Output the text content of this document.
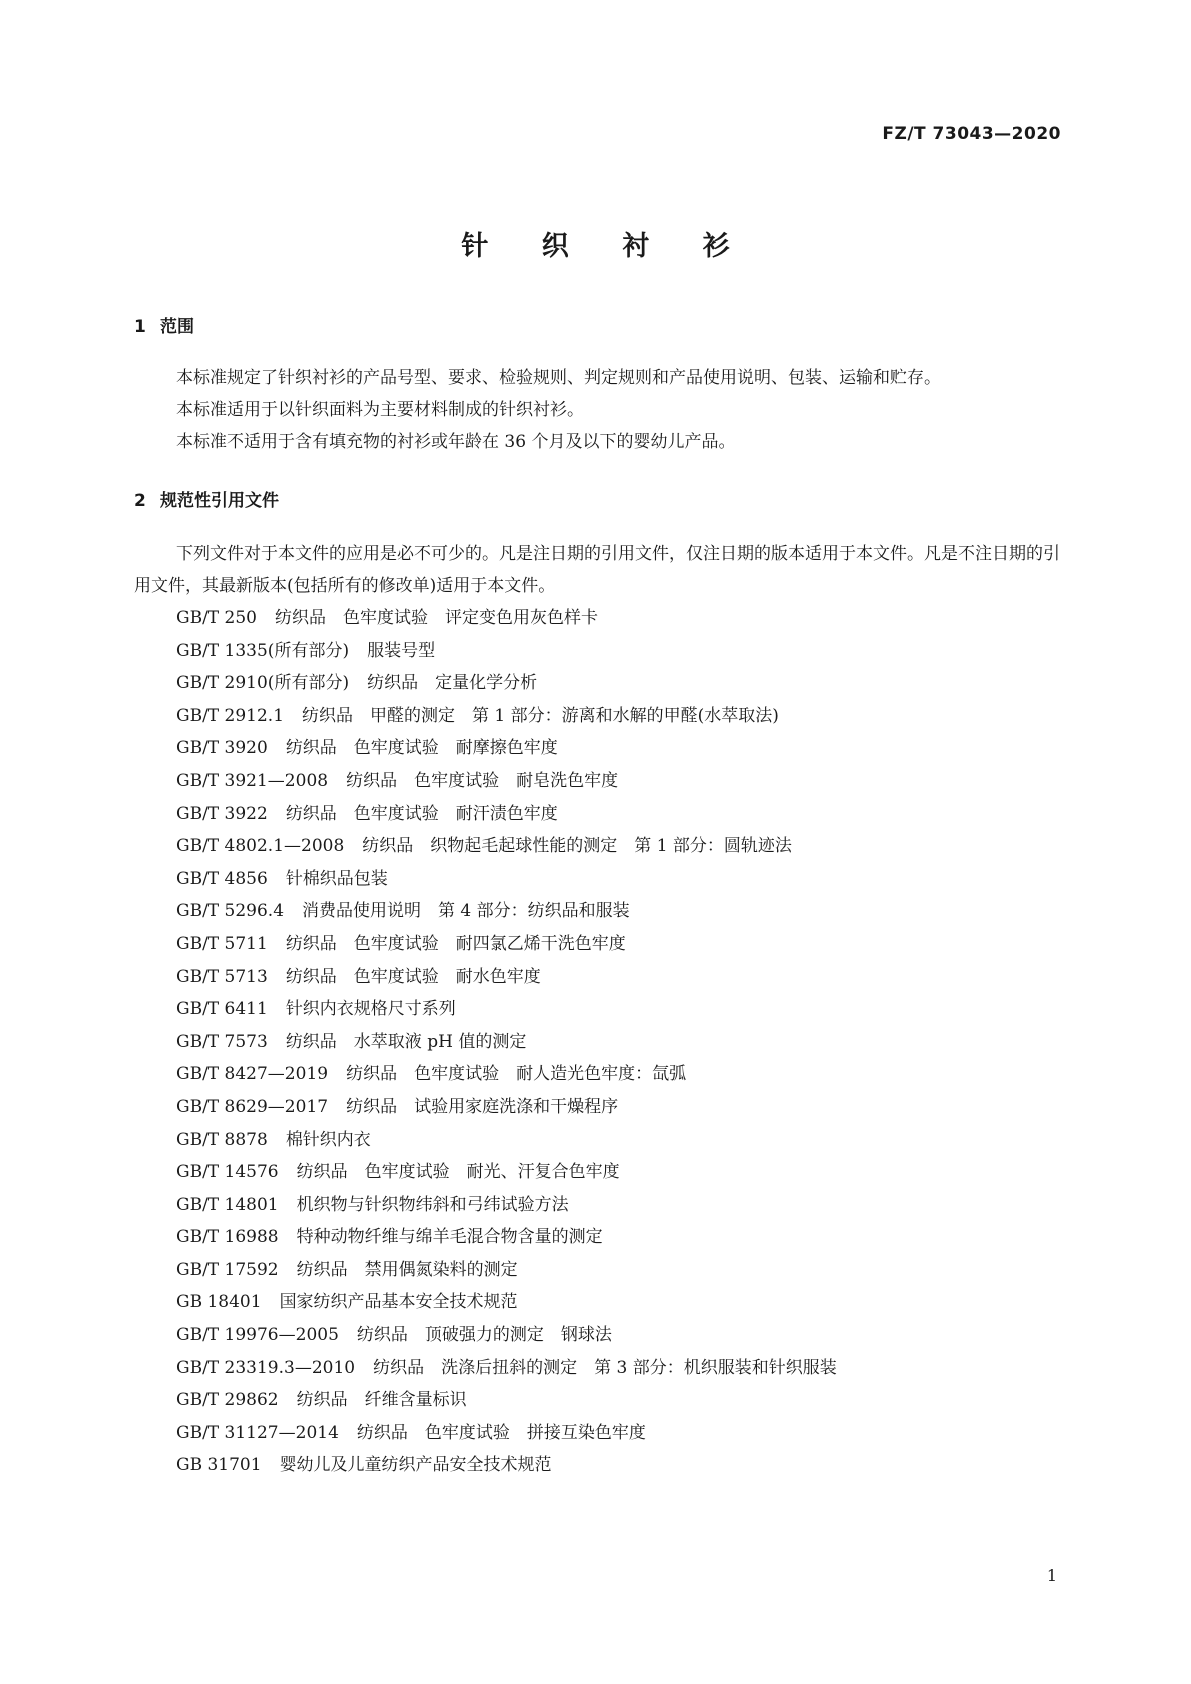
FZ/T 73043—2020
针 织 衬 衫
1 范围

本标准规定了针织衬衫的产品号型、要求、检验规则、判定规则和产品使用说明、包装、运输和贮存。

本标准适用于以针织面料为主要材料制成的针织衬衫。

本标准不适用于含有填充物的衬衫或年龄在 36 个月及以下的婴幼儿产品。

2 规范性引用文件

下列文件对于本文件的应用是必不可少的。凡是注日期的引用文件，仅注日期的版本适用于本文件。凡是不注日期的引用文件，其最新版本(包括所有的修改单)适用于本文件。

GB/T 250 纺织品　色牢度试验　评定变色用灰色样卡
GB/T 1335(所有部分) 服装号型
GB/T 2910(所有部分) 纺织品　定量化学分析
GB/T 2912.1 纺织品　甲醛的测定　第 1 部分：游离和水解的甲醛(水萃取法)
GB/T 3920 纺织品　色牢度试验　耐摩擦色牢度
GB/T 3921—2008 纺织品　色牢度试验　耐皂洗色牢度
GB/T 3922 纺织品　色牢度试验　耐汗渍色牢度
GB/T 4802.1—2008 纺织品　织物起毛起球性能的测定　第 1 部分：圆轨迹法
GB/T 4856 针棉织品包装
GB/T 5296.4 消费品使用说明　第 4 部分：纺织品和服装
GB/T 5711 纺织品　色牢度试验　耐四氯乙烯干洗色牢度
GB/T 5713 纺织品　色牢度试验　耐水色牢度
GB/T 6411 针织内衣规格尺寸系列
GB/T 7573 纺织品　水萃取液 pH 值的测定
GB/T 8427—2019 纺织品　色牢度试验　耐人造光色牢度：氙弧
GB/T 8629—2017 纺织品　试验用家庭洗涤和干燥程序
GB/T 8878 棉针织内衣
GB/T 14576 纺织品　色牢度试验　耐光、汗复合色牢度
GB/T 14801 机织物与针织物纬斜和弓纬试验方法
GB/T 16988 特种动物纤维与绵羊毛混合物含量的测定
GB/T 17592 纺织品　禁用偶氮染料的测定
GB 18401 国家纺织产品基本安全技术规范
GB/T 19976—2005 纺织品　顶破强力的测定　钢球法
GB/T 23319.3—2010 纺织品　洗涤后扭斜的测定　第 3 部分：机织服装和针织服装
GB/T 29862 纺织品　纤维含量标识
GB/T 31127—2014 纺织品　色牢度试验　拼接互染色牢度
GB 31701 婴幼儿及儿童纺织产品安全技术规范
1
